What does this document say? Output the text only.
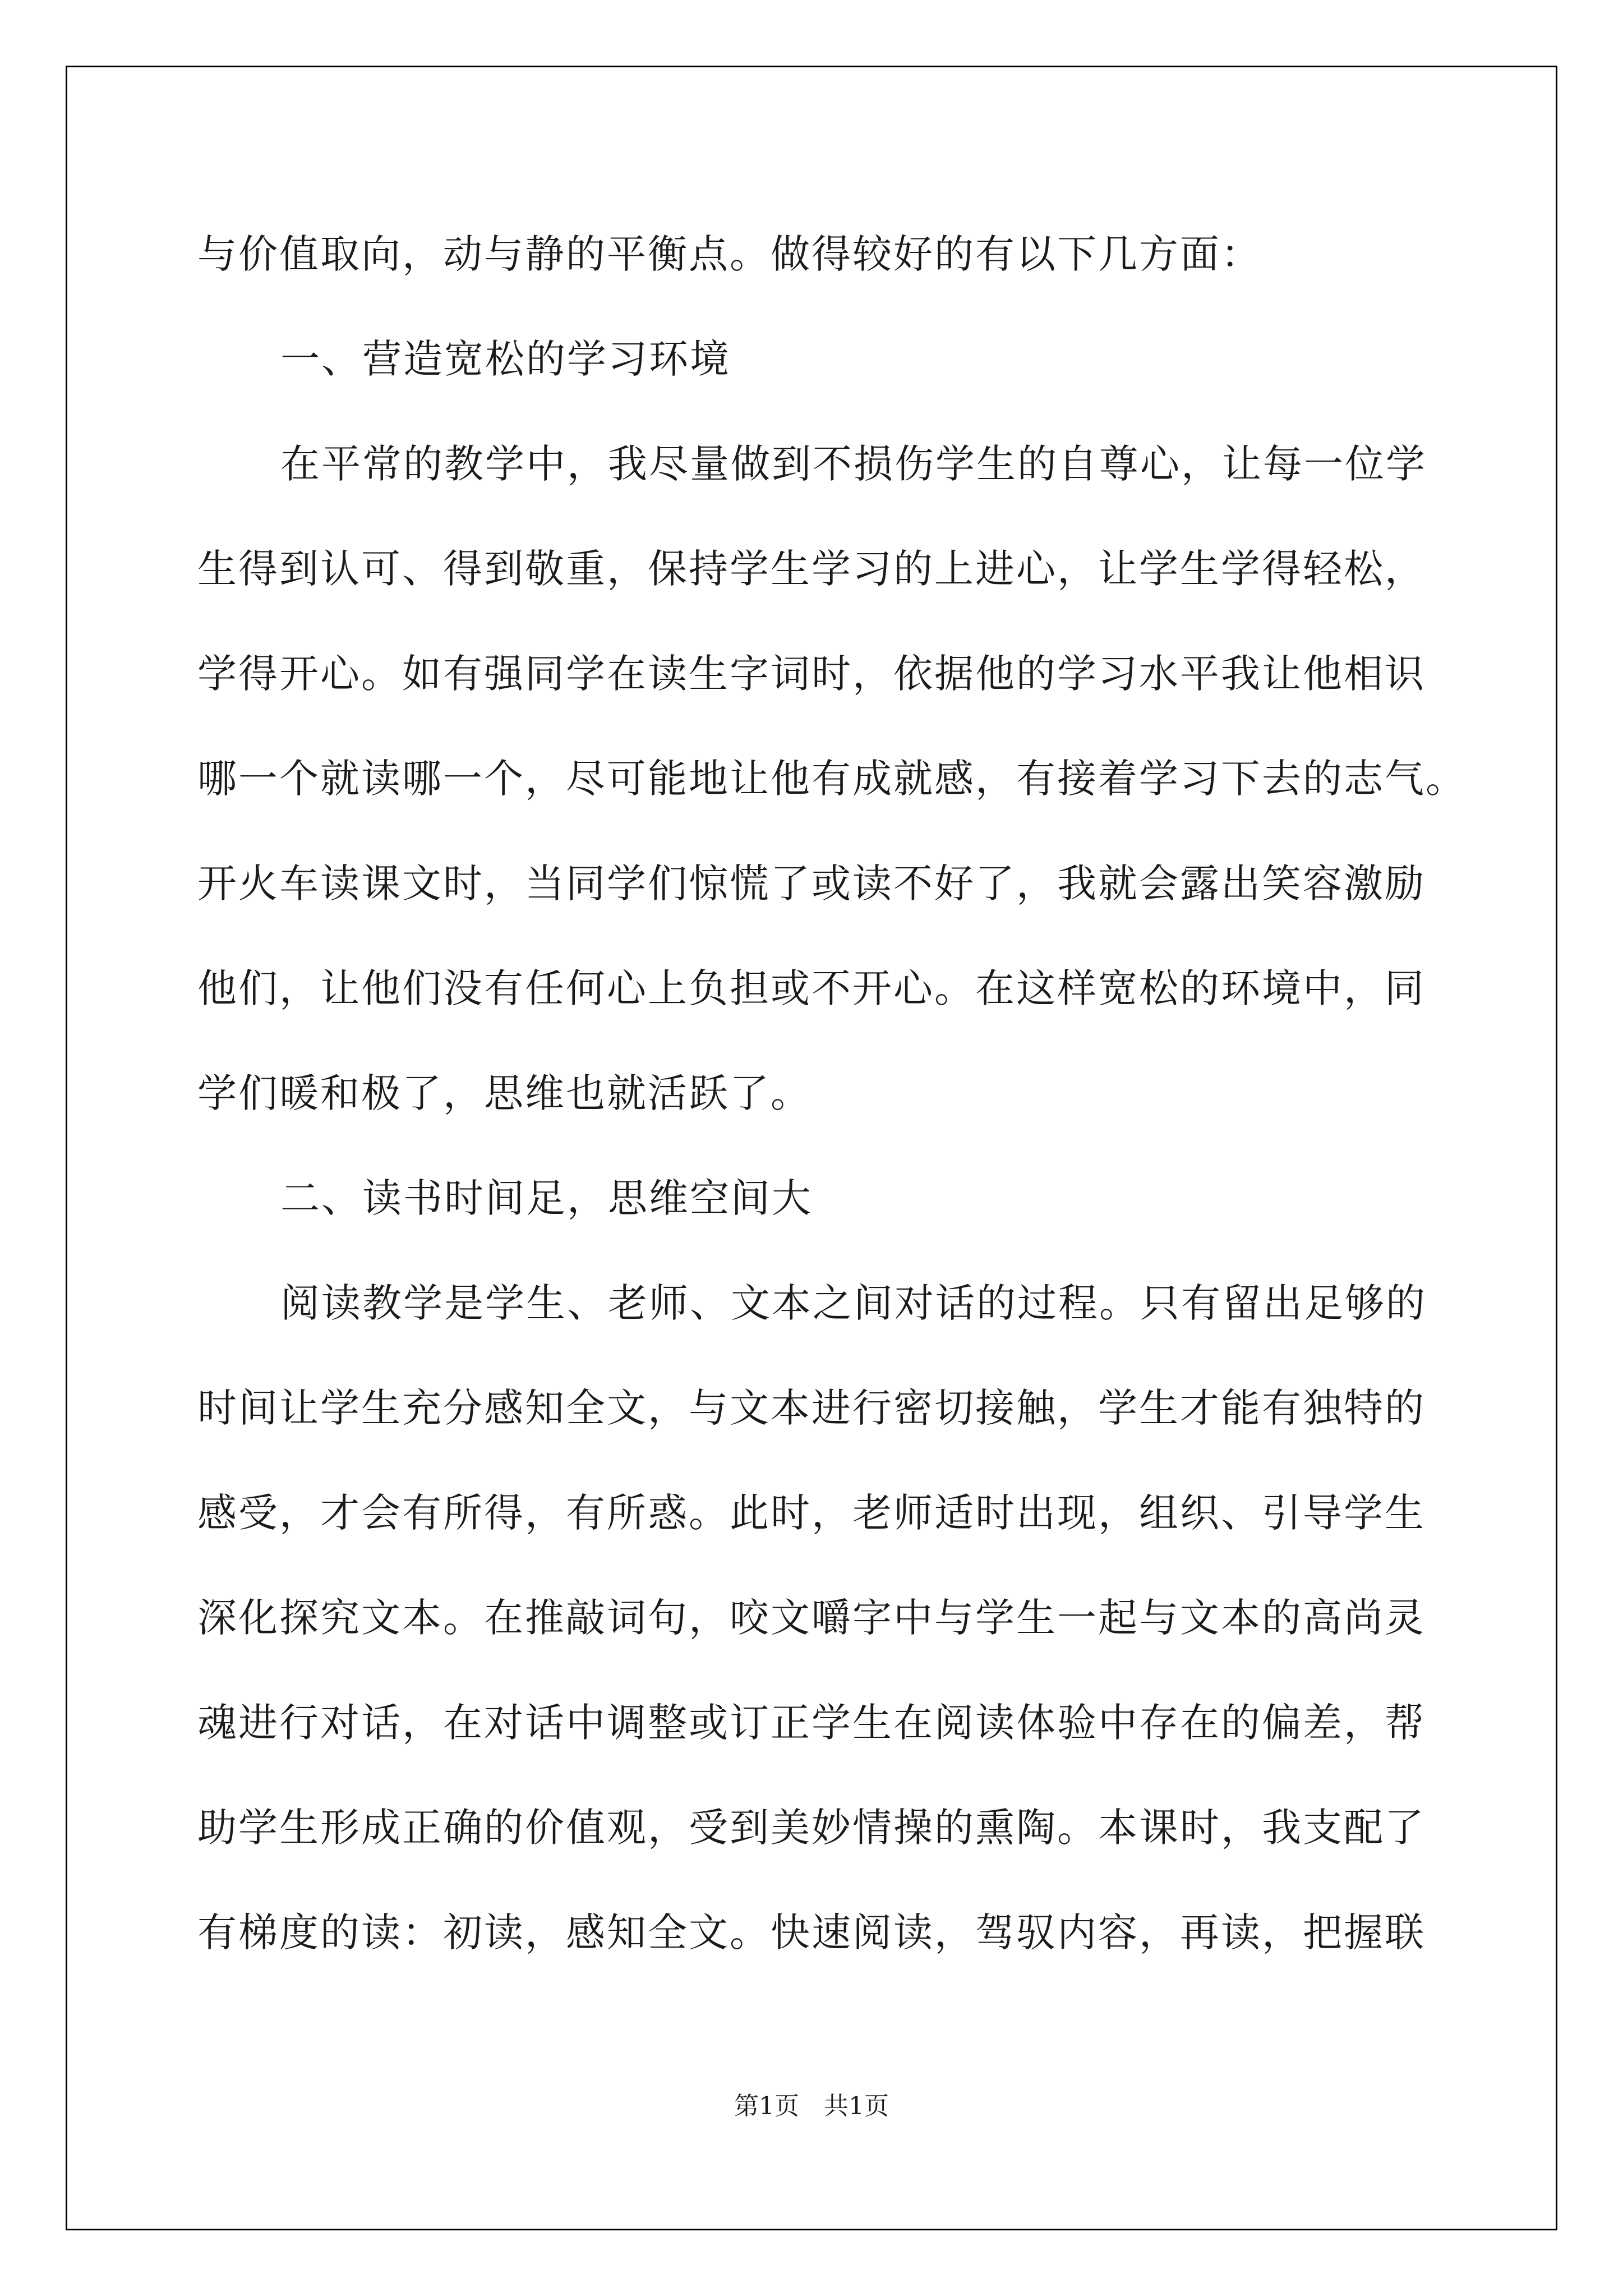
与价值取向，动与静的平衡点。做得较好的有以下几方面：
一、营造宽松的学习环境
在平常的教学中，我尽量做到不损伤学生的自尊心，让每一位学
生得到认可、得到敬重，保持学生学习的上进心，让学生学得轻松，
学得开心。如有强同学在读生字词时，依据他的学习水平我让他相识
哪一个就读哪一个，尽可能地让他有成就感，有接着学习下去的志气。
开火车读课文时，当同学们惊慌了或读不好了，我就会露出笑容激励
他们，让他们没有任何心上负担或不开心。在这样宽松的环境中，同
学们暖和极了，思维也就活跃了。
二、读书时间足，思维空间大
阅读教学是学生、老师、文本之间对话的过程。只有留出足够的
时间让学生充分感知全文，与文本进行密切接触，学生才能有独特的
感受，才会有所得，有所惑。此时，老师适时出现，组织、引导学生
深化探究文本。在推敲词句，咬文嚼字中与学生一起与文本的高尚灵
魂进行对话，在对话中调整或订正学生在阅读体验中存在的偏差，帮
助学生形成正确的价值观，受到美妙情操的熏陶。本课时，我支配了
有梯度的读：初读，感知全文。快速阅读，驾驭内容，再读，把握联
第1页 共1页
